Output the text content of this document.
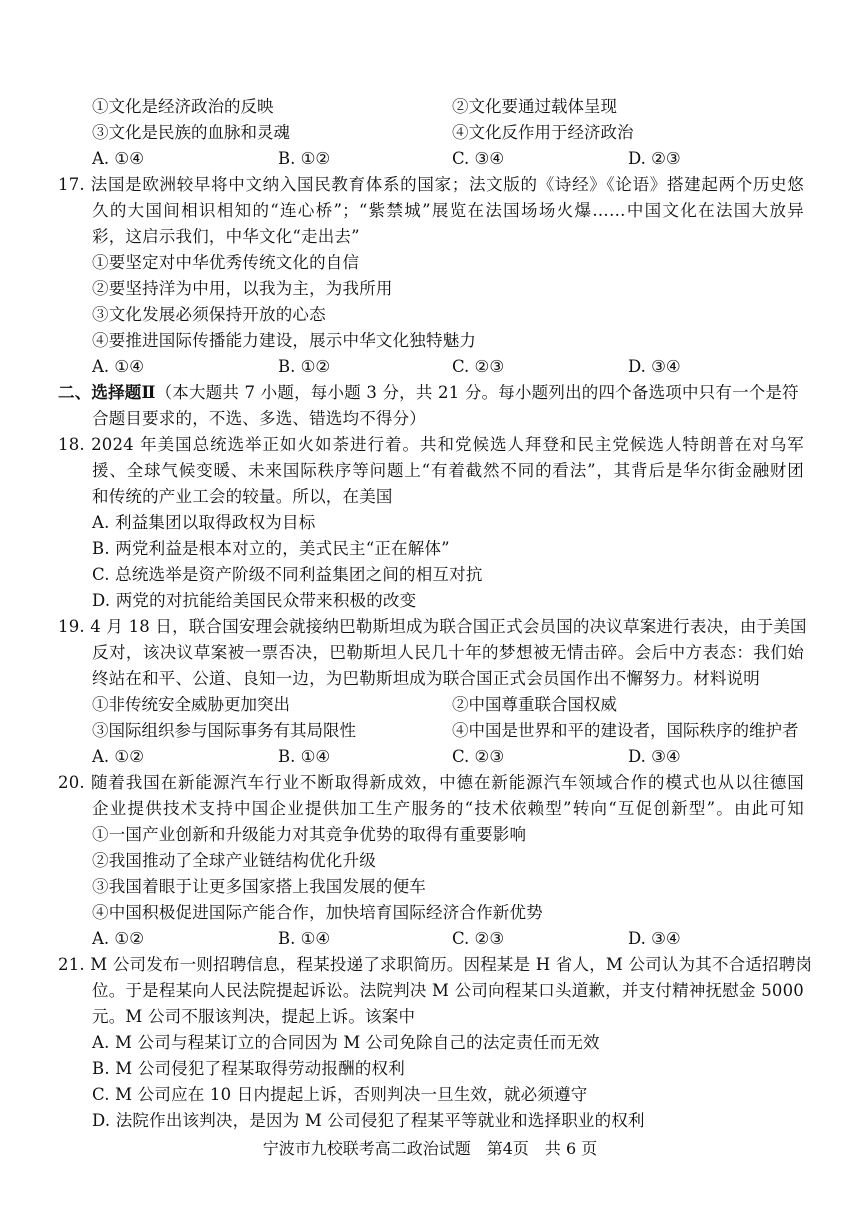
①文化是经济政治的反映	②文化要通过载体呈现
③文化是民族的血脉和灵魂	④文化反作用于经济政治
A. ①④	B. ①②	C. ③④	D. ②③
17. 法国是欧洲较早将中文纳入国民教育体系的国家；法文版的《诗经》《论语》搭建起两个历史悠
久的大国间相识相知的“连心桥”；“紫禁城”展览在法国场场火爆……中国文化在法国大放异
彩，这启示我们，中华文化“走出去”
①要坚定对中华优秀传统文化的自信
②要坚持洋为中用，以我为主，为我所用
③文化发展必须保持开放的心态
④要推进国际传播能力建设，展示中华文化独特魅力
A. ①④	B. ①②	C. ②③	D. ③④
二、选择题Ⅱ（本大题共 7 小题，每小题 3 分，共 21 分。每小题列出的四个备选项中只有一个是符
合题目要求的，不选、多选、错选均不得分）
18. 2024 年美国总统选举正如火如荼进行着。共和党候选人拜登和民主党候选人特朗普在对乌军
援、全球气候变暖、未来国际秩序等问题上“有着截然不同的看法”，其背后是华尔街金融财团
和传统的产业工会的较量。所以，在美国
A. 利益集团以取得政权为目标
B. 两党利益是根本对立的，美式民主“正在解体”
C. 总统选举是资产阶级不同利益集团之间的相互对抗
D. 两党的对抗能给美国民众带来积极的改变
19. 4 月 18 日，联合国安理会就接纳巴勒斯坦成为联合国正式会员国的决议草案进行表决，由于美国
反对，该决议草案被一票否决，巴勒斯坦人民几十年的梦想被无情击碎。会后中方表态：我们始
终站在和平、公道、良知一边，为巴勒斯坦成为联合国正式会员国作出不懈努力。材料说明
①非传统安全威胁更加突出	②中国尊重联合国权威
③国际组织参与国际事务有其局限性	④中国是世界和平的建设者，国际秩序的维护者
A. ①②	B. ①④	C. ②③	D. ③④
20. 随着我国在新能源汽车行业不断取得新成效，中德在新能源汽车领域合作的模式也从以往德国
企业提供技术支持中国企业提供加工生产服务的“技术依赖型”转向“互促创新型”。由此可知
①一国产业创新和升级能力对其竞争优势的取得有重要影响
②我国推动了全球产业链结构优化升级
③我国着眼于让更多国家搭上我国发展的便车
④中国积极促进国际产能合作，加快培育国际经济合作新优势
A. ①②	B. ①④	C. ②③	D. ③④
21. M 公司发布一则招聘信息，程某投递了求职简历。因程某是 H 省人，M 公司认为其不合适招聘岗
位。于是程某向人民法院提起诉讼。法院判决 M 公司向程某口头道歉，并支付精神抚慰金 5000
元。M 公司不服该判决，提起上诉。该案中
A. M 公司与程某订立的合同因为 M 公司免除自己的法定责任而无效
B. M 公司侵犯了程某取得劳动报酬的权利
C. M 公司应在 10 日内提起上诉，否则判决一旦生效，就必须遵守
D. 法院作出该判决，是因为 M 公司侵犯了程某平等就业和选择职业的权利
宁波市九校联考高二政治试题　第4页　共 6 页
